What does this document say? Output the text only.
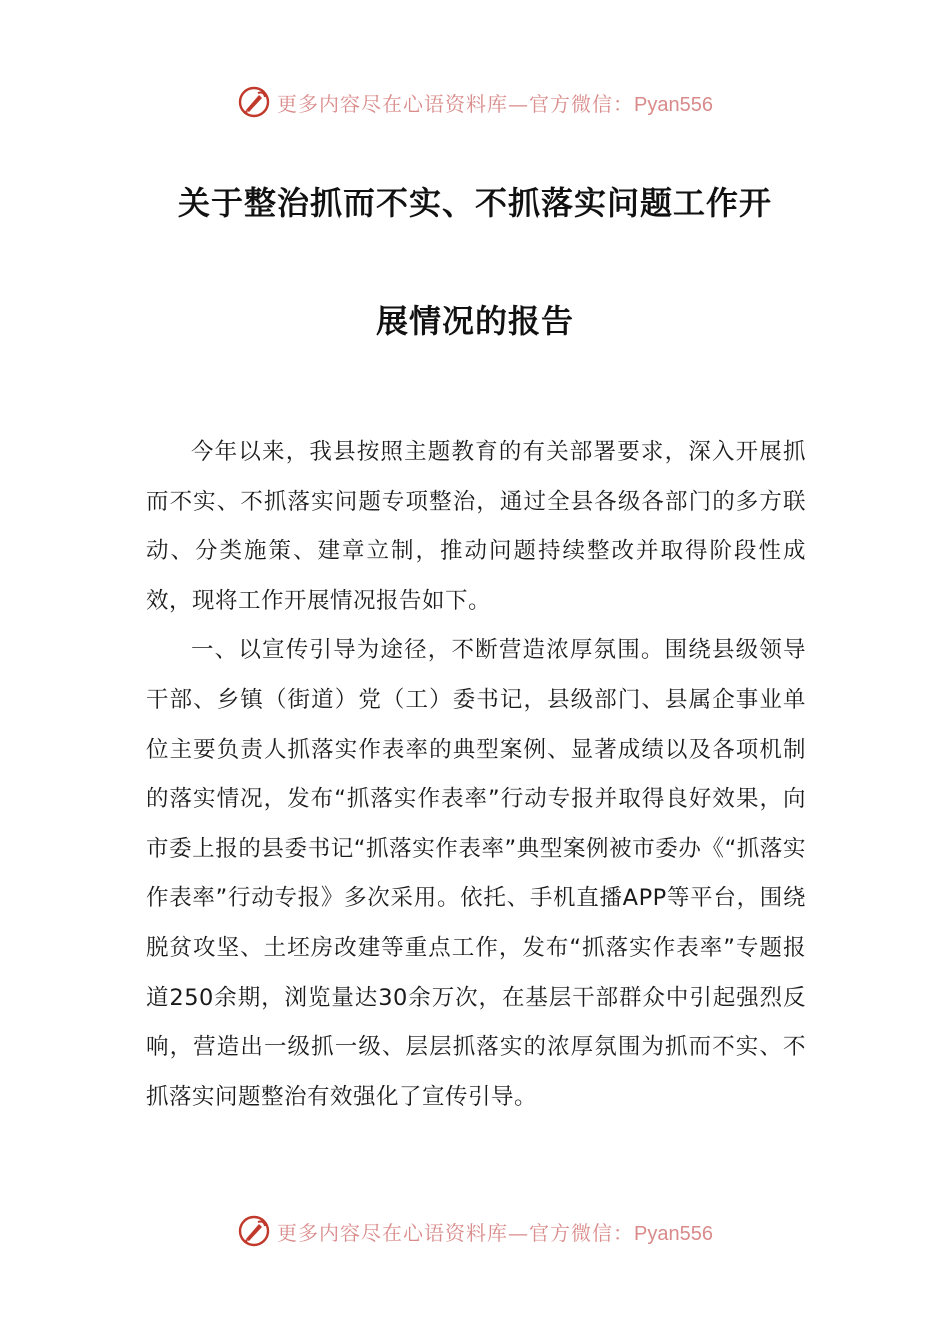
更多内容尽在心语资料库—官方微信：Pyan556
关于整治抓而不实、不抓落实问题工作开
展情况的报告

今年以来，我县按照主题教育的有关部署要求，深入开展抓而不实、不抓落实问题专项整治，通过全县各级各部门的多方联动、分类施策、建章立制，推动问题持续整改并取得阶段性成效，现将工作开展情况报告如下。

一、以宣传引导为途径，不断营造浓厚氛围。围绕县级领导干部、乡镇（街道）党（工）委书记，县级部门、县属企事业单位主要负责人抓落实作表率的典型案例、显著成绩以及各项机制的落实情况，发布“抓落实作表率”行动专报并取得良好效果，向市委上报的县委书记“抓落实作表率”典型案例被市委办《“抓落实作表率”行动专报》多次采用。依托、手机直播APP等平台，围绕脱贫攻坚、土坯房改建等重点工作，发布“抓落实作表率”专题报道250余期，浏览量达30余万次，在基层干部群众中引起强烈反响，营造出一级抓一级、层层抓落实的浓厚氛围为抓而不实、不抓落实问题整治有效强化了宣传引导。

更多内容尽在心语资料库—官方微信：Pyan556
